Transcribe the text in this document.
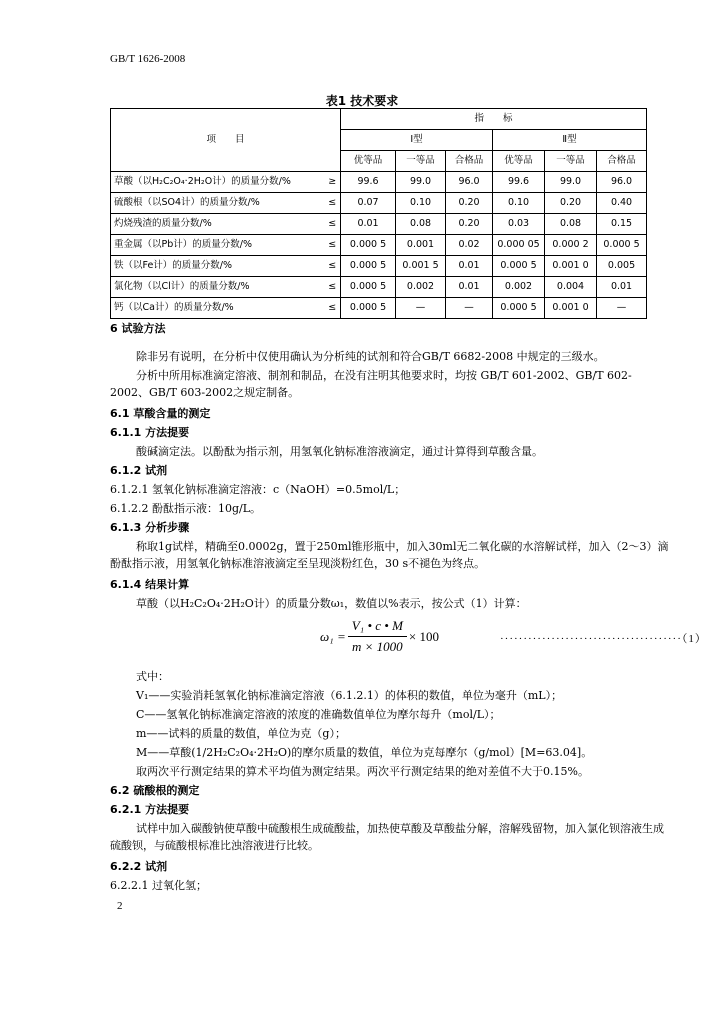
GB/T 1626-2008
表1 技术要求
项　　目		指　　标					
		Ⅰ型			Ⅱ型		
		优等品	一等品	合格品	优等品	一等品	合格品
草酸（以H₂C₂O₄·2H₂O计）的质量分数/%	≥	99.6	99.0	96.0	99.6	99.0	96.0
硫酸根（以SO4计）的质量分数/%	≤	0.07	0.10	0.20	0.10	0.20	0.40
灼烧残渣的质量分数/%	≤	0.01	0.08	0.20	0.03	0.08	0.15
重金属（以Pb计）的质量分数/%	≤	0.000 5	0.001	0.02	0.000 05	0.000 2	0.000 5
铁（以Fe计）的质量分数/%	≤	0.000 5	0.001 5	0.01	0.000 5	0.001 0	0.005
氯化物（以Cl计）的质量分数/%	≤	0.000 5	0.002	0.01	0.002	0.004	0.01
钙（以Ca计）的质量分数/%	≤	0.000 5	—	—	0.000 5	0.001 0	—
6 试验方法
除非另有说明，在分析中仅使用确认为分析纯的试剂和符合GB/T 6682-2008 中规定的三级水。
分析中所用标准滴定溶液、制剂和制品，在没有注明其他要求时，均按 GB/T 601-2002、GB/T 602-2002、GB/T 603-2002之规定制备。
6.1 草酸含量的测定
6.1.1 方法提要
酸碱滴定法。以酚酞为指示剂，用氢氧化钠标准溶液滴定，通过计算得到草酸含量。
6.1.2 试剂
6.1.2.1 氢氧化钠标准滴定溶液：c（NaOH）=0.5mol/L；
6.1.2.2 酚酞指示液：10g/L。
6.1.3 分析步骤
称取1g试样，精确至0.0002g，置于250ml锥形瓶中，加入30ml无二氧化碳的水溶解试样，加入（2～3）滴酚酞指示液，用氢氧化钠标准溶液滴定至呈现淡粉红色，30 s不褪色为终点。
6.1.4 结果计算
草酸（以H₂C₂O₄·2H₂O计）的质量分数ω₁，数值以%表示，按公式（1）计算：
$\omega_1 = \frac{\text{V₁ • c • M}}{m \times 1000} \times 100$	·······································（1）
式中：
V₁——实验消耗氢氧化钠标准滴定溶液（6.1.2.1）的体积的数值，单位为毫升（mL）；
C——氢氧化钠标准滴定溶液的浓度的准确数值单位为摩尔每升（mol/L）；
m——试料的质量的数值，单位为克（g）；
M——草酸(1/2H₂C₂O₄·2H₂O)的摩尔质量的数值，单位为克每摩尔（g/mol）[M=63.04]。
取两次平行测定结果的算术平均值为测定结果。两次平行测定结果的绝对差值不大于0.15%。
6.2 硫酸根的测定
6.2.1 方法提要
试样中加入碳酸钠使草酸中硫酸根生成硫酸盐，加热使草酸及草酸盐分解，溶解残留物，加入氯化钡溶液生成硫酸钡，与硫酸根标准比浊溶液进行比较。
6.2.2 试剂
6.2.2.1 过氧化氢；
2
